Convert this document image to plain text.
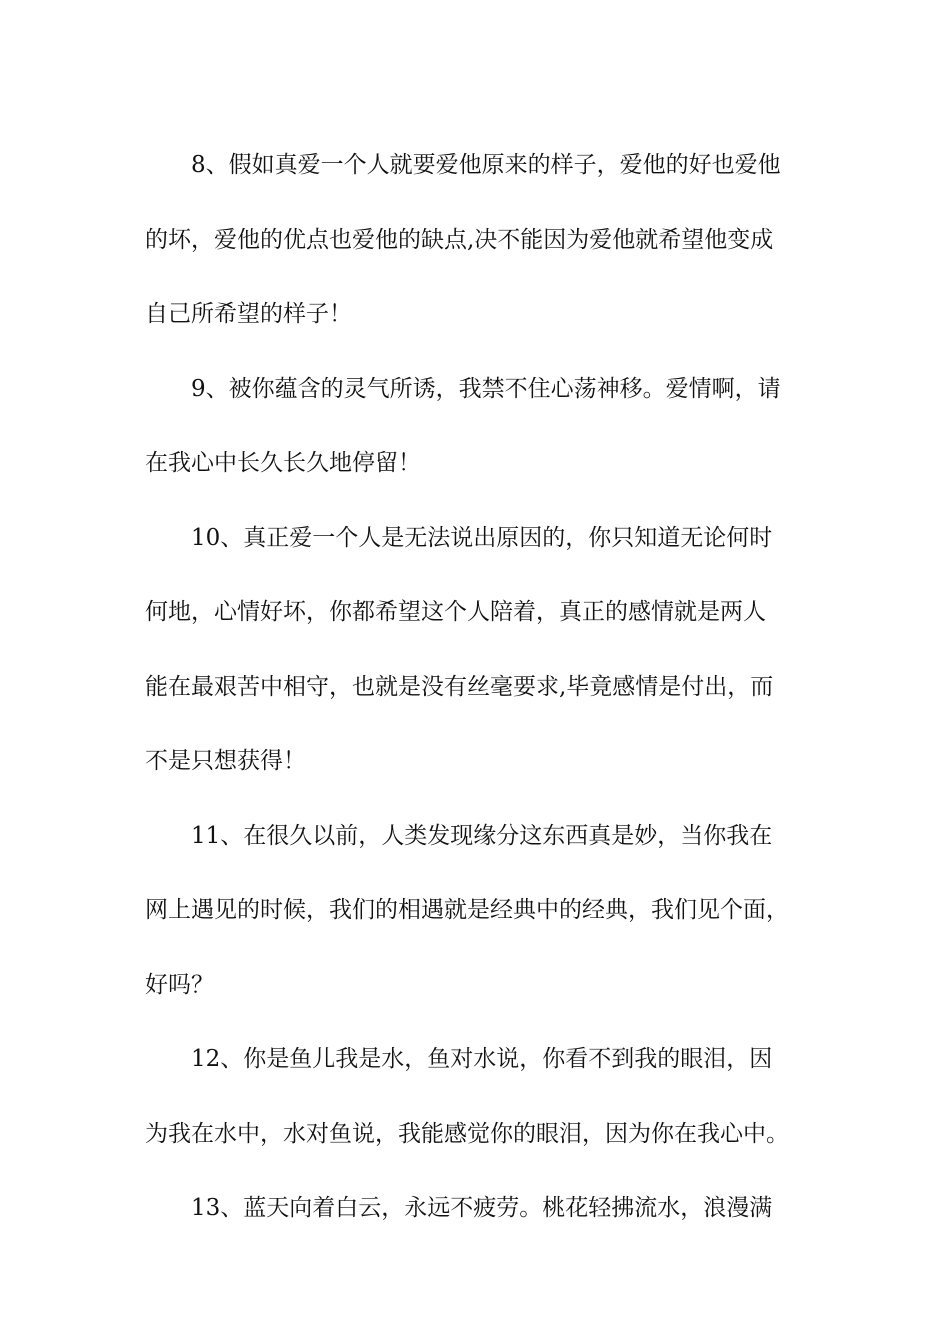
8、假如真爱一个人就要爱他原来的样子，爱他的好也爱他
的坏，爱他的优点也爱他的缺点,决不能因为爱他就希望他变成
自己所希望的样子！
9、被你蕴含的灵气所诱，我禁不住心荡神移。爱情啊，请
在我心中长久长久地停留！
10、真正爱一个人是无法说出原因的，你只知道无论何时
何地，心情好坏，你都希望这个人陪着，真正的感情就是两人
能在最艰苦中相守，也就是没有丝毫要求,毕竟感情是付出，而
不是只想获得！
11、在很久以前，人类发现缘分这东西真是妙，当你我在
网上遇见的时候，我们的相遇就是经典中的经典，我们见个面，
好吗？
12、你是鱼儿我是水，鱼对水说，你看不到我的眼泪，因
为我在水中，水对鱼说，我能感觉你的眼泪，因为你在我心中。
13、蓝天向着白云，永远不疲劳。桃花轻拂流水，浪漫满
